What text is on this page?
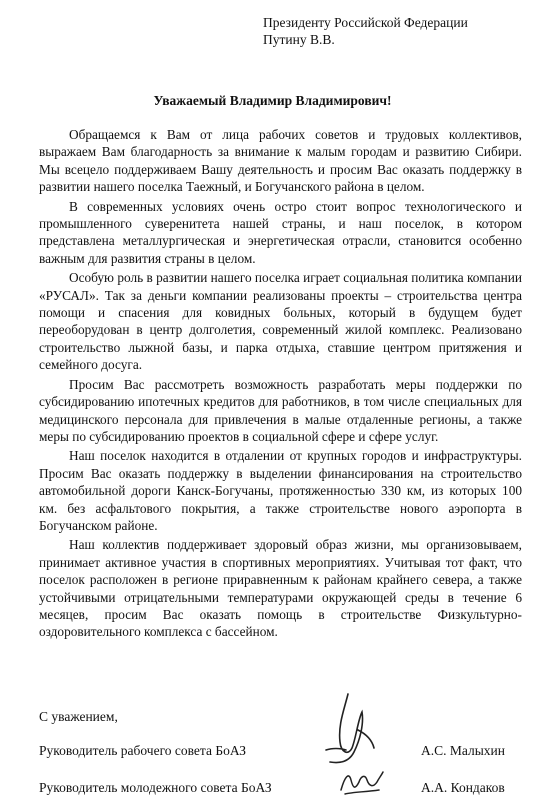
Президенту Российской Федерации
Путину В.В.
Уважаемый Владимир Владимирович!

Обращаемся к Вам от лица рабочих советов и трудовых коллективов, выражаем Вам благодарность за внимание к малым городам и развитию Сибири. Мы всецело поддерживаем Вашу деятельность и просим Вас оказать поддержку в развитии нашего поселка Таежный, и Богучанского района в целом.

В современных условиях очень остро стоит вопрос технологического и промышленного суверенитета нашей страны, и наш поселок, в котором представлена металлургическая и энергетическая отрасли, становится особенно важным для развития страны в целом.

Особую роль в развитии нашего поселка играет социальная политика компании «РУСАЛ». Так за деньги компании реализованы проекты – строительства центра помощи и спасения для ковидных больных, который в будущем будет переоборудован в центр долголетия, современный жилой комплекс. Реализовано строительство лыжной базы, и парка отдыха, ставшие центром притяжения и семейного досуга.

Просим Вас рассмотреть возможность разработать меры поддержки по субсидированию ипотечных кредитов для работников, в том числе специальных для медицинского персонала для привлечения в малые отдаленные регионы, а также меры по субсидированию проектов в социальной сфере и сфере услуг.

Наш поселок находится в отдалении от крупных городов и инфраструктуры. Просим Вас оказать поддержку в выделении финансирования на строительство автомобильной дороги Канск-Богучаны, протяженностью 330 км, из которых 100 км. без асфальтового покрытия, а также строительстве нового аэропорта в Богучанском районе.

Наш коллектив поддерживает здоровый образ жизни, мы организовываем, принимает активное участия в спортивных мероприятиях. Учитывая тот факт, что поселок расположен в регионе приравненным к районам крайнего севера, а также устойчивыми отрицательными температурами окружающей среды в течение 6 месяцев, просим Вас оказать помощь в строительстве Физкультурно-оздоровительного комплекса с бассейном.

С уважением,
Руководитель рабочего совета БоАЗ	А.С. Малыхин
Руководитель молодежного совета БоАЗ	А.А. Кондаков
